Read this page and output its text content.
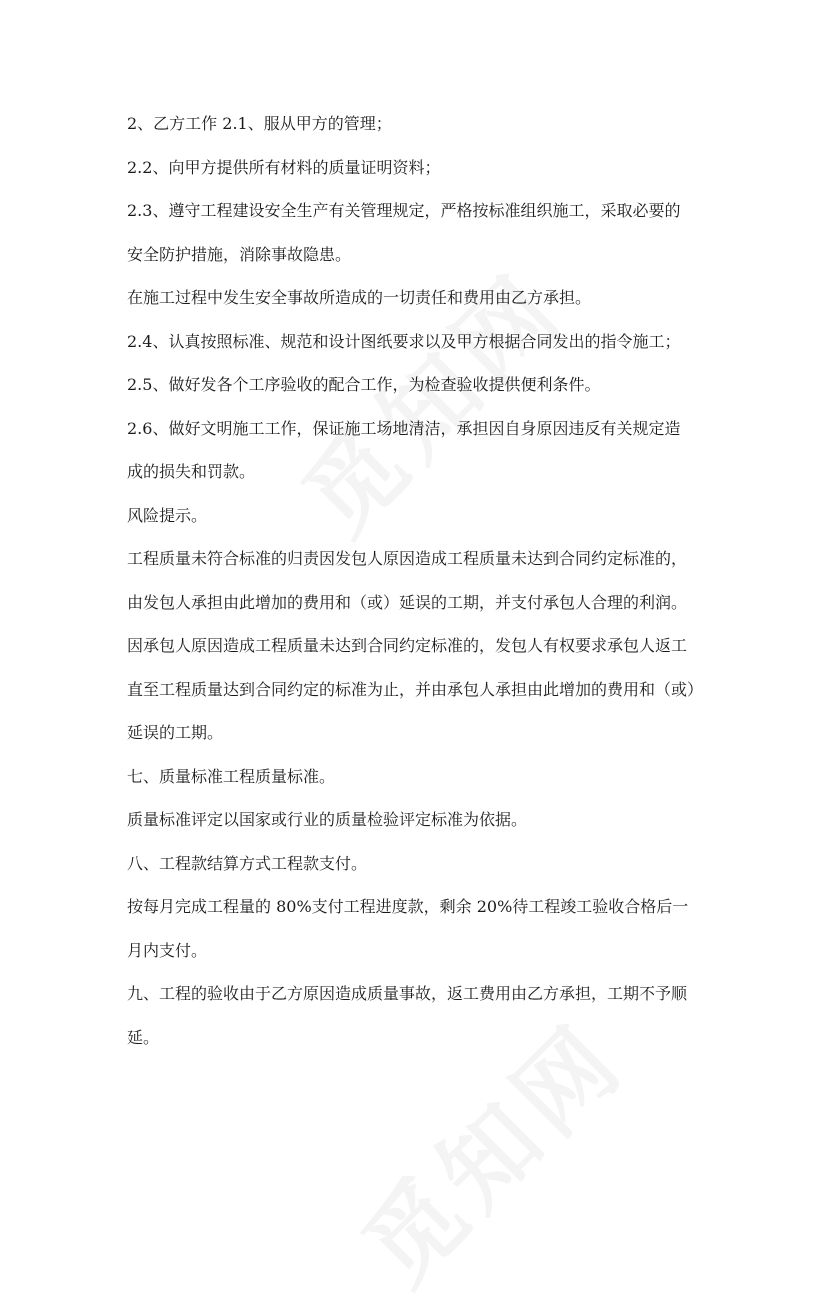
2、乙方工作 2.1、服从甲方的管理；
2.2、向甲方提供所有材料的质量证明资料；
2.3、遵守工程建设安全生产有关管理规定，严格按标准组织施工，采取必要的
安全防护措施，消除事故隐患。
在施工过程中发生安全事故所造成的一切责任和费用由乙方承担。
2.4、认真按照标准、规范和设计图纸要求以及甲方根据合同发出的指令施工；
2.5、做好发各个工序验收的配合工作，为检查验收提供便利条件。
2.6、做好文明施工工作，保证施工场地清洁，承担因自身原因违反有关规定造
成的损失和罚款。
风险提示。
工程质量未符合标准的归责因发包人原因造成工程质量未达到合同约定标准的，
由发包人承担由此增加的费用和（或）延误的工期，并支付承包人合理的利润。
因承包人原因造成工程质量未达到合同约定标准的，发包人有权要求承包人返工
直至工程质量达到合同约定的标准为止，并由承包人承担由此增加的费用和（或）
延误的工期。
七、质量标准工程质量标准。
质量标准评定以国家或行业的质量检验评定标准为依据。
八、工程款结算方式工程款支付。
按每月完成工程量的 80%支付工程进度款，剩余 20%待工程竣工验收合格后一
月内支付。
九、工程的验收由于乙方原因造成质量事故，返工费用由乙方承担，工期不予顺
延。
